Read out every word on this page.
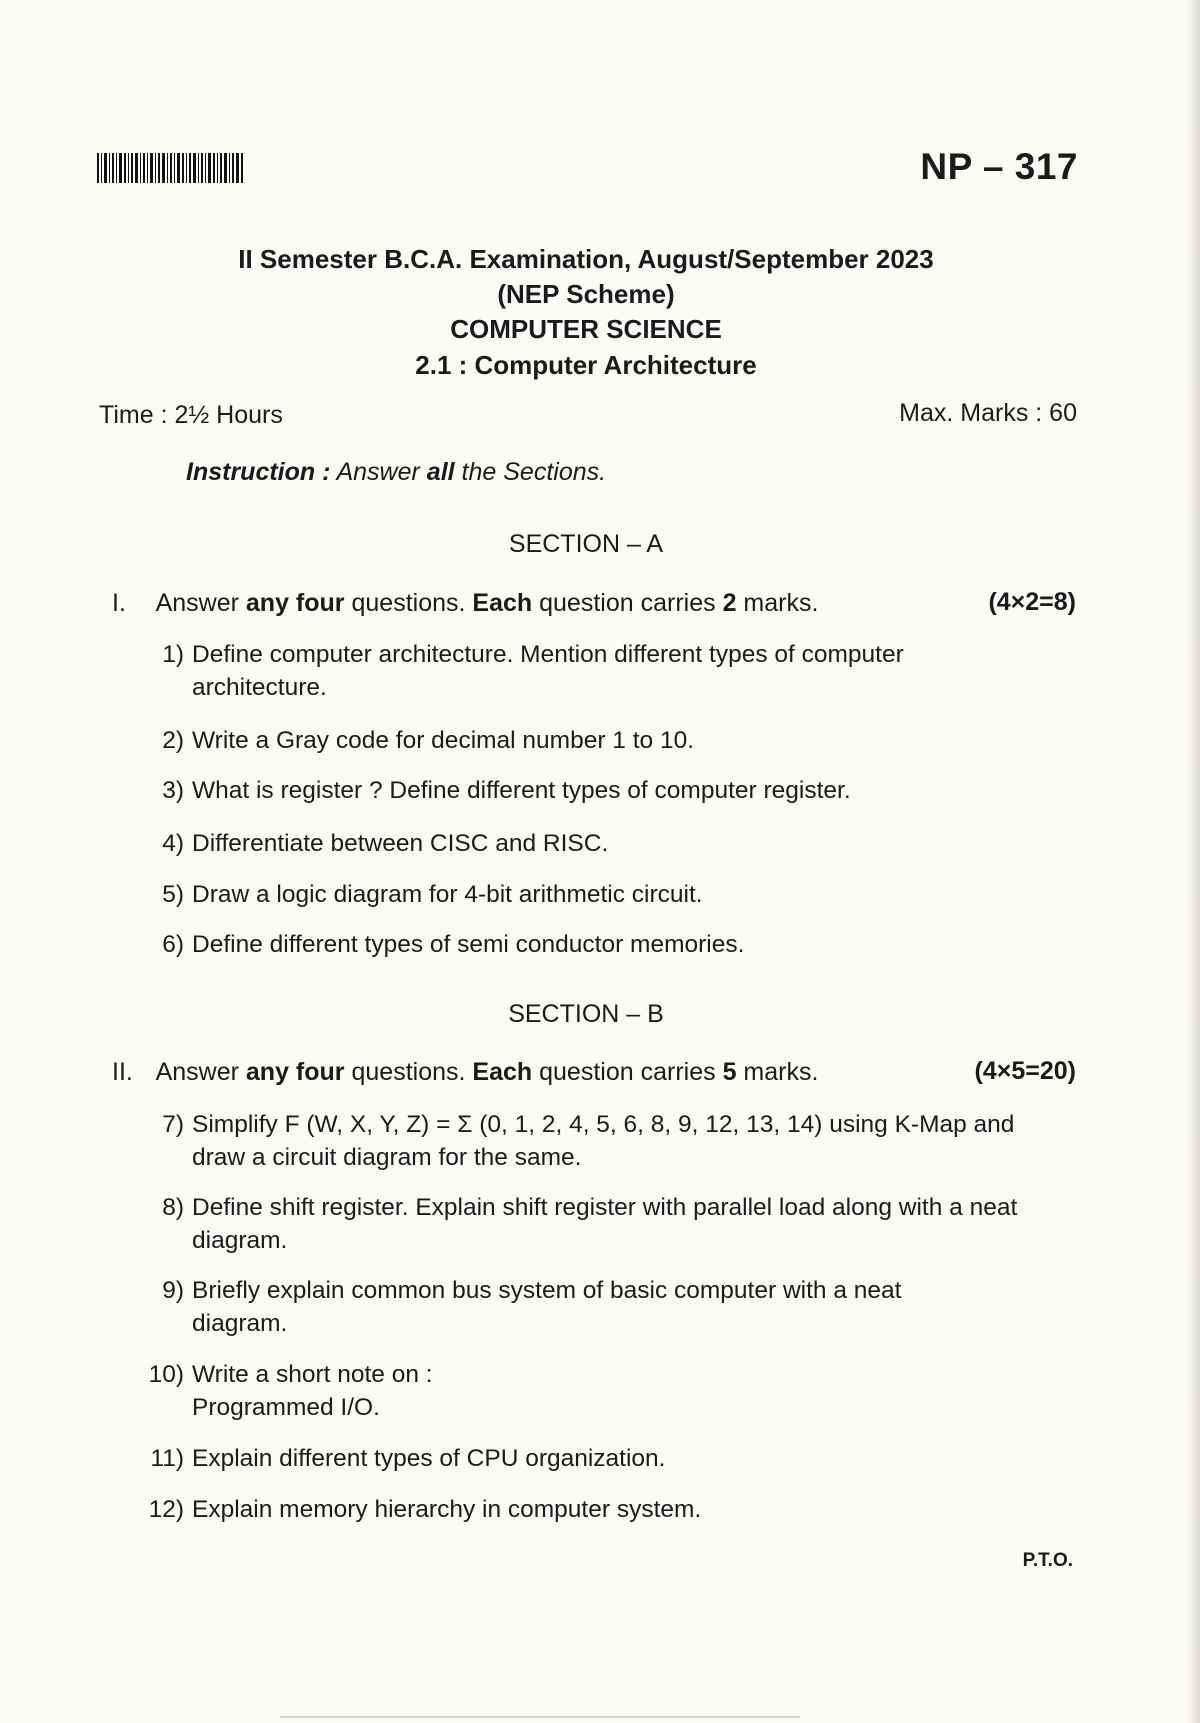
NP – 317
II Semester B.C.A. Examination, August/September 2023
(NEP Scheme)
COMPUTER SCIENCE
2.1 : Computer Architecture
Time : 2½ Hours	Max. Marks : 60
Instruction : Answer all the Sections.
SECTION – A
I. Answer any four questions. Each question carries 2 marks.	(4×2=8)
1) Define computer architecture. Mention different types of computer architecture.
2) Write a Gray code for decimal number 1 to 10.
3) What is register ? Define different types of computer register.
4) Differentiate between CISC and RISC.
5) Draw a logic diagram for 4-bit arithmetic circuit.
6) Define different types of semi conductor memories.
SECTION – B
II. Answer any four questions. Each question carries 5 marks.	(4×5=20)
7) Simplify F (W, X, Y, Z) = Σ (0, 1, 2, 4, 5, 6, 8, 9, 12, 13, 14) using K-Map and draw a circuit diagram for the same.
8) Define shift register. Explain shift register with parallel load along with a neat diagram.
9) Briefly explain common bus system of basic computer with a neat diagram.
10) Write a short note on :
Programmed I/O.
11) Explain different types of CPU organization.
12) Explain memory hierarchy in computer system.
P.T.O.
